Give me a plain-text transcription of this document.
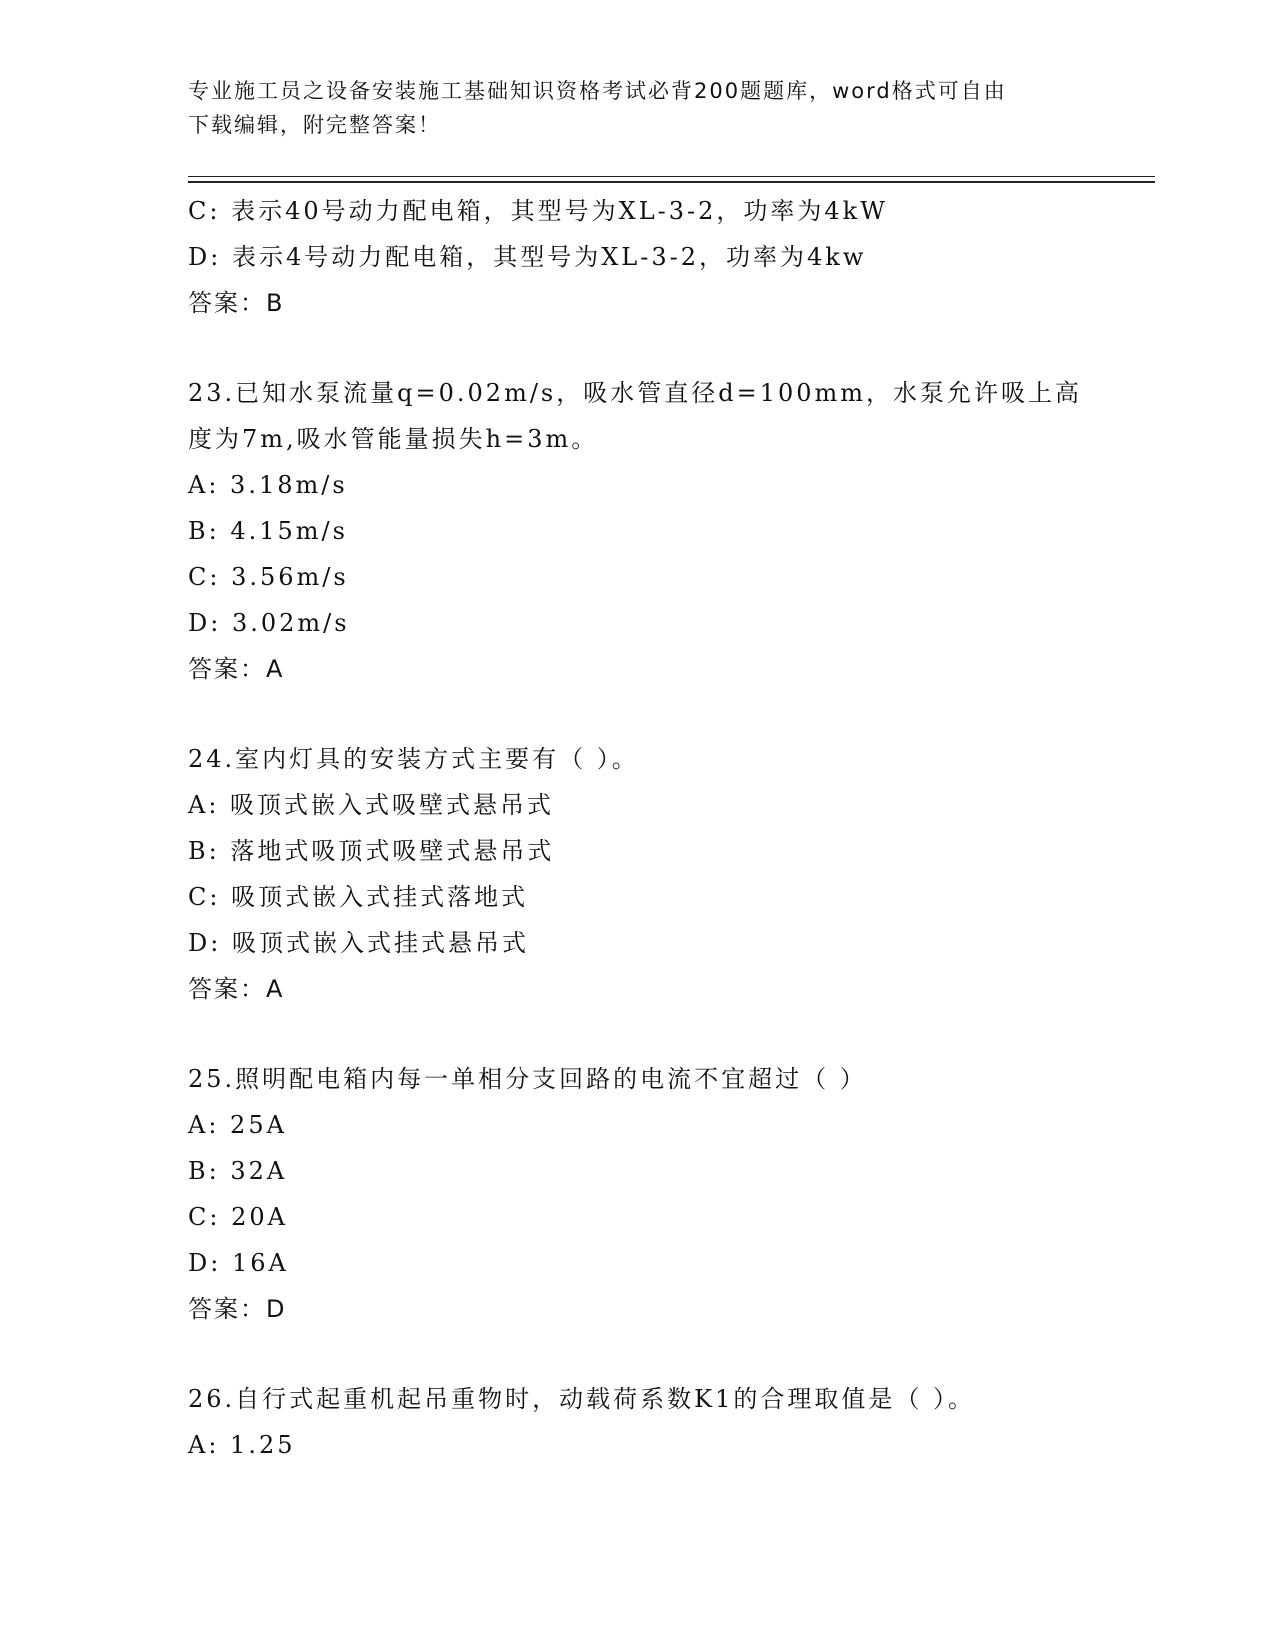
专业施工员之设备安装施工基础知识资格考试必背200题题库，word格式可自由
下载编辑，附完整答案！
C: 表示40号动力配电箱，其型号为XL-3-2，功率为4kW
D: 表示4号动力配电箱，其型号为XL-3-2，功率为4kw
答案：B
23.已知水泵流量q=0.02m/s，吸水管直径d=100mm，水泵允许吸上高
度为7m,吸水管能量损失h=3m。
A: 3.18m/s
B: 4.15m/s
C: 3.56m/s
D: 3.02m/s
答案：A
24.室内灯具的安装方式主要有（ ）。
A: 吸顶式嵌入式吸壁式悬吊式
B: 落地式吸顶式吸壁式悬吊式
C: 吸顶式嵌入式挂式落地式
D: 吸顶式嵌入式挂式悬吊式
答案：A
25.照明配电箱内每一单相分支回路的电流不宜超过（ ）
A: 25A
B: 32A
C: 20A
D: 16A
答案：D
26.自行式起重机起吊重物时，动载荷系数K1的合理取值是（ ）。
A: 1.25
